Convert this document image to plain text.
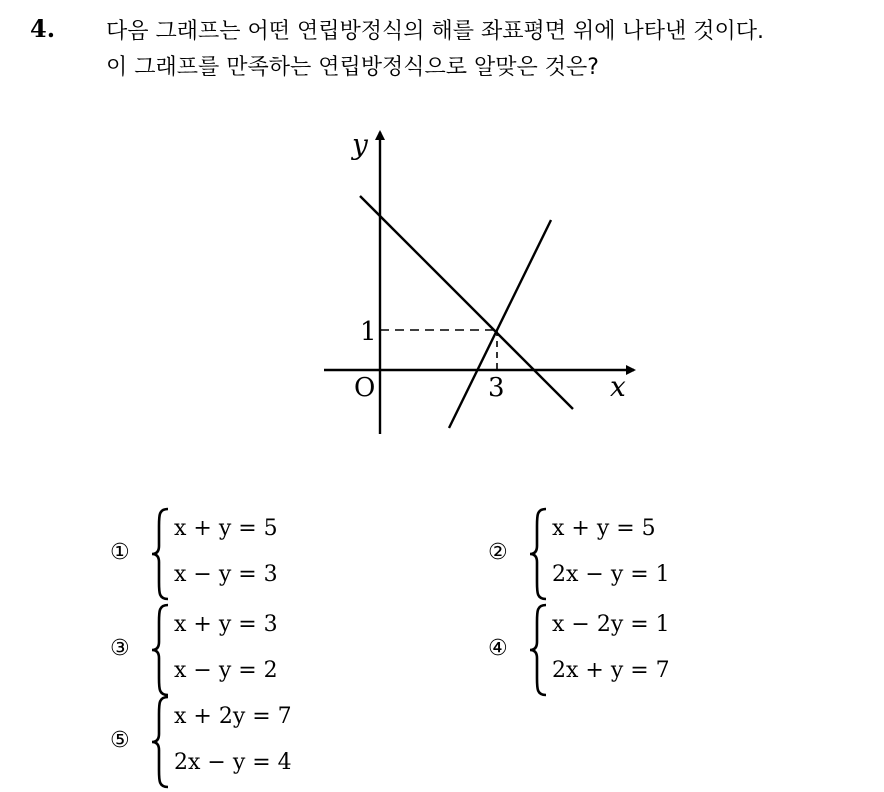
4. 다음 그래프는 어떤 연립방정식의 해를 좌표평면 위에 나타낸 것이다.
이 그래프를 만족하는 연립방정식으로 알맞은 것은?
y
x
O	3
1
①
x + y = 5
x − y = 3
②
x + y = 5
2x − y = 1
③
x + y = 3
x − y = 2
④
x − 2y = 1
2x + y = 7
⑤
x + 2y = 7
2x − y = 4
